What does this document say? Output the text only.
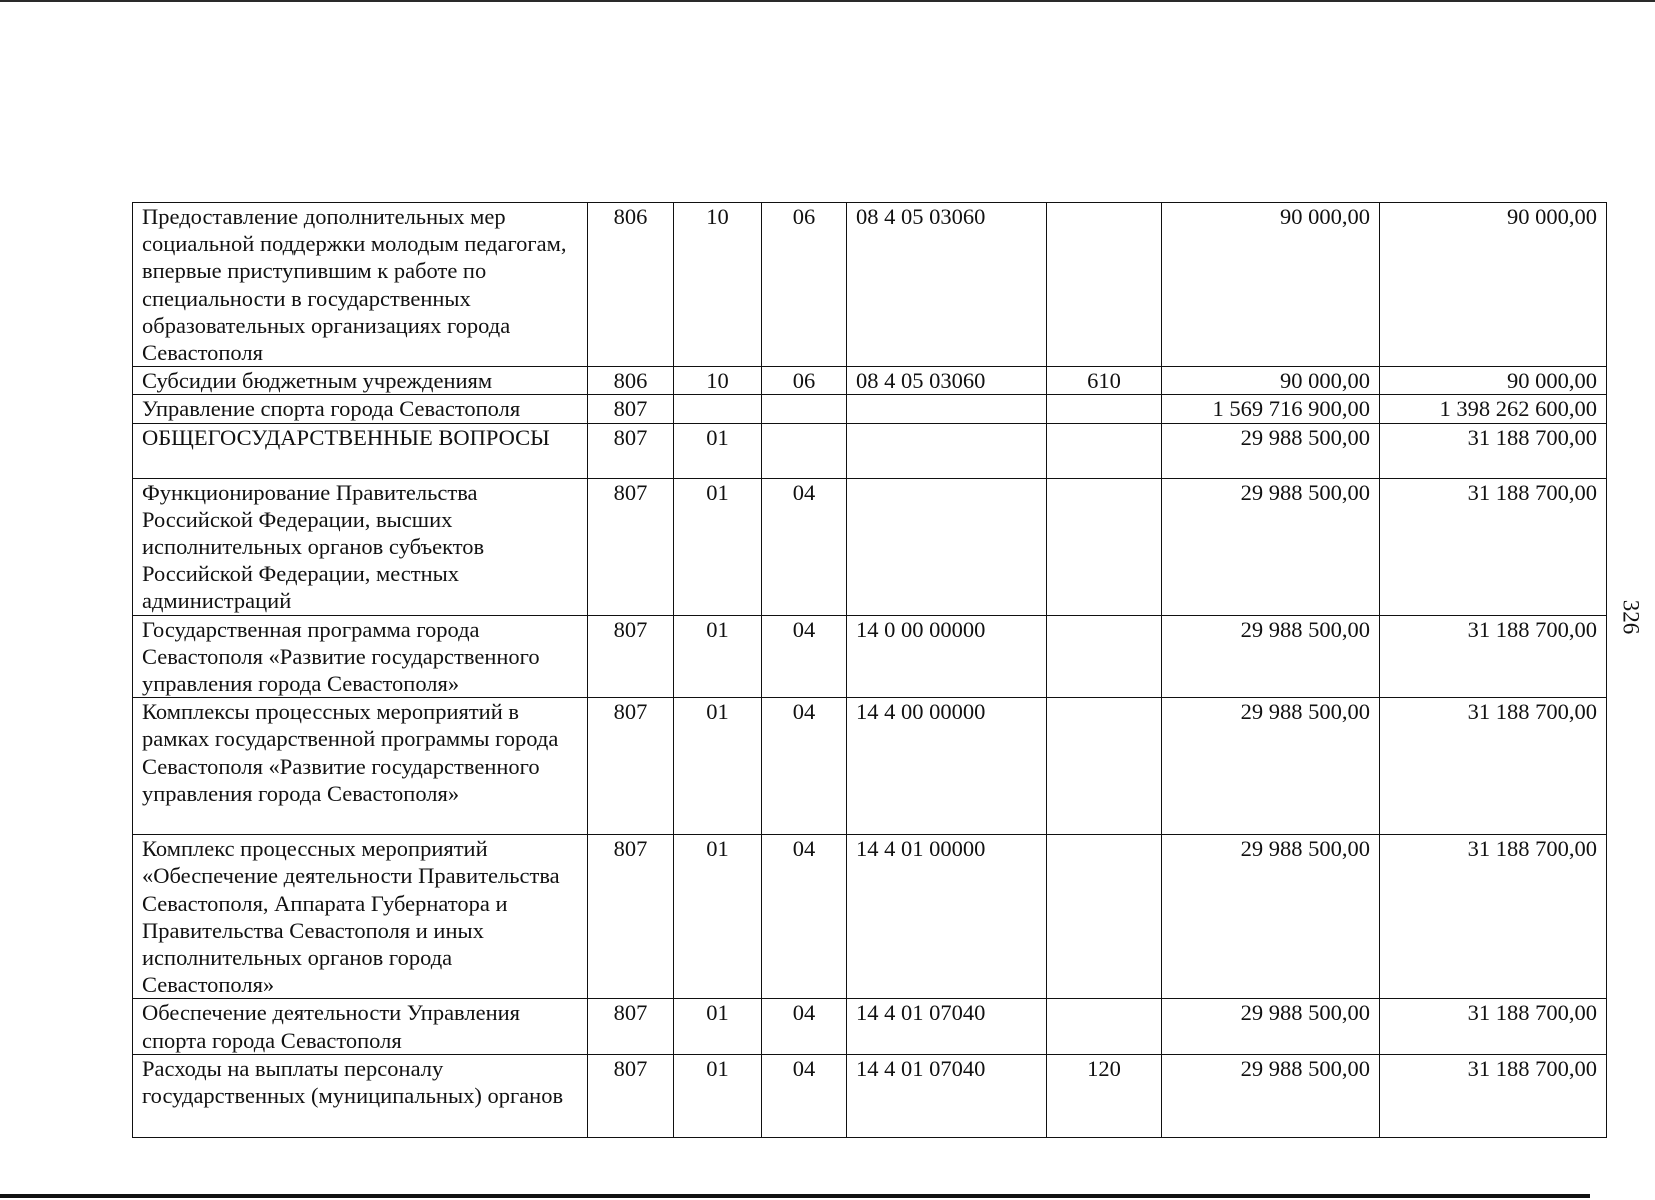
326
Предоставление дополнительных мер социальной поддержки молодым педагогам, впервые приступившим к работе по специальности в государственных образовательных организациях города Севастополя	806	10	06	08 4 05 03060		90 000,00	90 000,00
Субсидии бюджетным учреждениям	806	10	06	08 4 05 03060	610	90 000,00	90 000,00
Управление спорта города Севастополя	807					1 569 716 900,00	1 398 262 600,00
ОБЩЕГОСУДАРСТВЕННЫЕ ВОПРОСЫ	807	01				29 988 500,00	31 188 700,00
Функционирование Правительства Российской Федерации, высших исполнительных органов субъектов Российской Федерации, местных администраций	807	01	04			29 988 500,00	31 188 700,00
Государственная программа города Севастополя «Развитие государственного управления города Севастополя»	807	01	04	14 0 00 00000		29 988 500,00	31 188 700,00
Комплексы процессных мероприятий в рамках государственной программы города Севастополя «Развитие государственного управления города Севастополя»	807	01	04	14 4 00 00000		29 988 500,00	31 188 700,00
Комплекс процессных мероприятий «Обеспечение деятельности Правительства Севастополя, Аппарата Губернатора и Правительства Севастополя и иных исполнительных органов города Севастополя»	807	01	04	14 4 01 00000		29 988 500,00	31 188 700,00
Обеспечение деятельности Управления спорта города Севастополя	807	01	04	14 4 01 07040		29 988 500,00	31 188 700,00
Расходы на выплаты персоналу государственных (муниципальных) органов	807	01	04	14 4 01 07040	120	29 988 500,00	31 188 700,00
